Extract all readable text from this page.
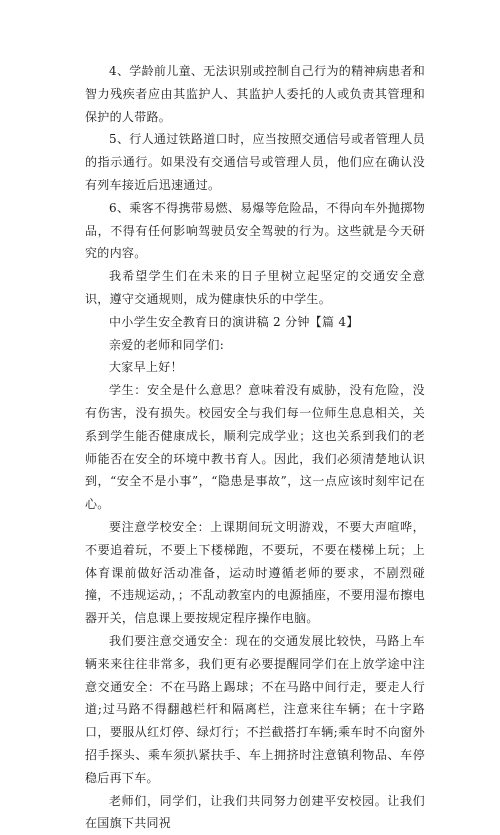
4、学龄前儿童、无法识别或控制自己行为的精神病患者和智力残疾者应由其监护人、其监护人委托的人或负责其管理和保护的人带路。

5、行人通过铁路道口时，应当按照交通信号或者管理人员的指示通行。如果没有交通信号或管理人员，他们应在确认没有列车接近后迅速通过。

6、乘客不得携带易燃、易爆等危险品，不得向车外抛掷物品，不得有任何影响驾驶员安全驾驶的行为。这些就是今天研究的内容。

我希望学生们在未来的日子里树立起坚定的交通安全意识，遵守交通规则，成为健康快乐的中学生。

中小学生安全教育日的演讲稿 2 分钟【篇 4】

亲爱的老师和同学们:

大家早上好！

学生：安全是什么意思？意味着没有威胁，没有危险，没有伤害，没有损失。校园安全与我们每一位师生息息相关，关系到学生能否健康成长，顺利完成学业；这也关系到我们的老师能否在安全的环境中教书育人。因此，我们必须清楚地认识到，“安全不是小事”，“隐患是事故”，这一点应该时刻牢记在心。

要注意学校安全：上课期间玩文明游戏，不要大声喧哗，不要追着玩，不要上下楼梯跑，不要玩，不要在楼梯上玩；上体育课前做好活动准备，运动时遵循老师的要求，不剧烈碰撞，不违规运动，；不乱动教室内的电源插座，不要用湿布擦电器开关，信息课上要按规定程序操作电脑。

我们要注意交通安全：现在的交通发展比较快，马路上车辆来来往往非常多，我们更有必要提醒同学们在上放学途中注意交通安全：不在马路上踢球；不在马路中间行走，要走人行道;过马路不得翻越栏杆和隔离栏，注意来往车辆；在十字路口，要服从红灯停、绿灯行；不拦截搭打车辆;乘车时不向窗外招手探头、乘车须扒紧扶手、车上拥挤时注意镇利物品、车停稳后再下车。

老师们，同学们，让我们共同努力创建平安校园。让我们在国旗下共同祝
